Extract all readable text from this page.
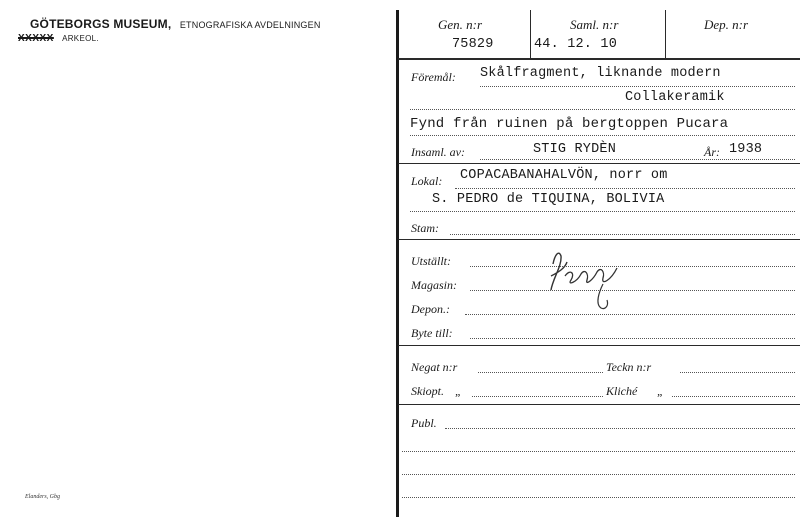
GÖTEBORGS MUSEUM, ETNOGRAFISKA AVDELNINGEN
XXXXX ARKEOL.
Elanders, Gbg
Gen. n:r
75829
Saml. n:r
44. 12. 10
Dep. n:r
Föremål: Skålfragment, liknande modern
Collakeramik
Fynd från ruinen på bergtoppen Pucara
Insaml. av:	STIG RYDÈN	År: 1938
Lokal: COPACABANAHALVÖN, norr om
S. PEDRO de TIQUINA, BOLIVIA
Stam:
Utställt:
Magasin:
Depon.:
Byte till:
Negat n:r	Teckn n:r
Skiopt. „	Kliché „
Publ.
